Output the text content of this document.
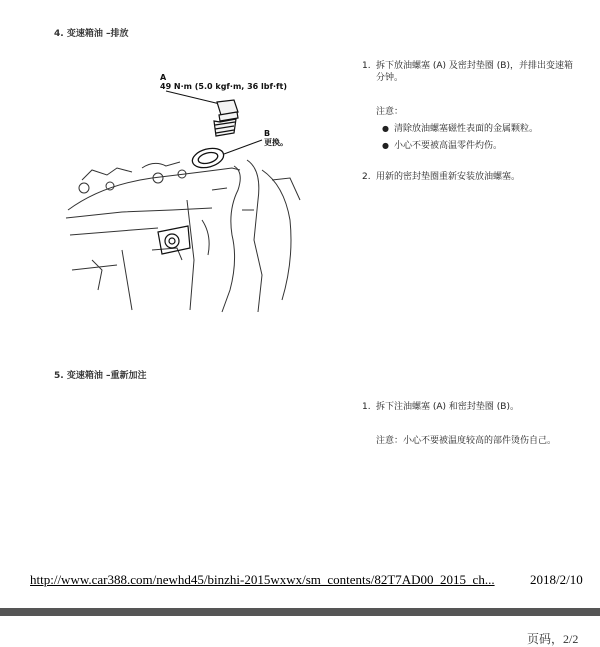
4. 变速箱油 –排放
A
49 N·m (5.0 kgf·m, 36 lbf·ft)
B
更换。
1. 拆下放油螺塞 (A) 及密封垫圈 (B)，并排出变速箱
分钟。
注意：
● 清除放油螺塞磁性表面的金属颗粒。
● 小心不要被高温零件灼伤。
2. 用新的密封垫圈重新安装放油螺塞。
5. 变速箱油 –重新加注
1. 拆下注油螺塞 (A) 和密封垫圈 (B)。
注意：小心不要被温度较高的部件烫伤自己。
http://www.car388.com/newhd45/binzhi-2015wxwx/sm_contents/82T7AD00_2015_ch...	2018/2/10
页码，2/2
